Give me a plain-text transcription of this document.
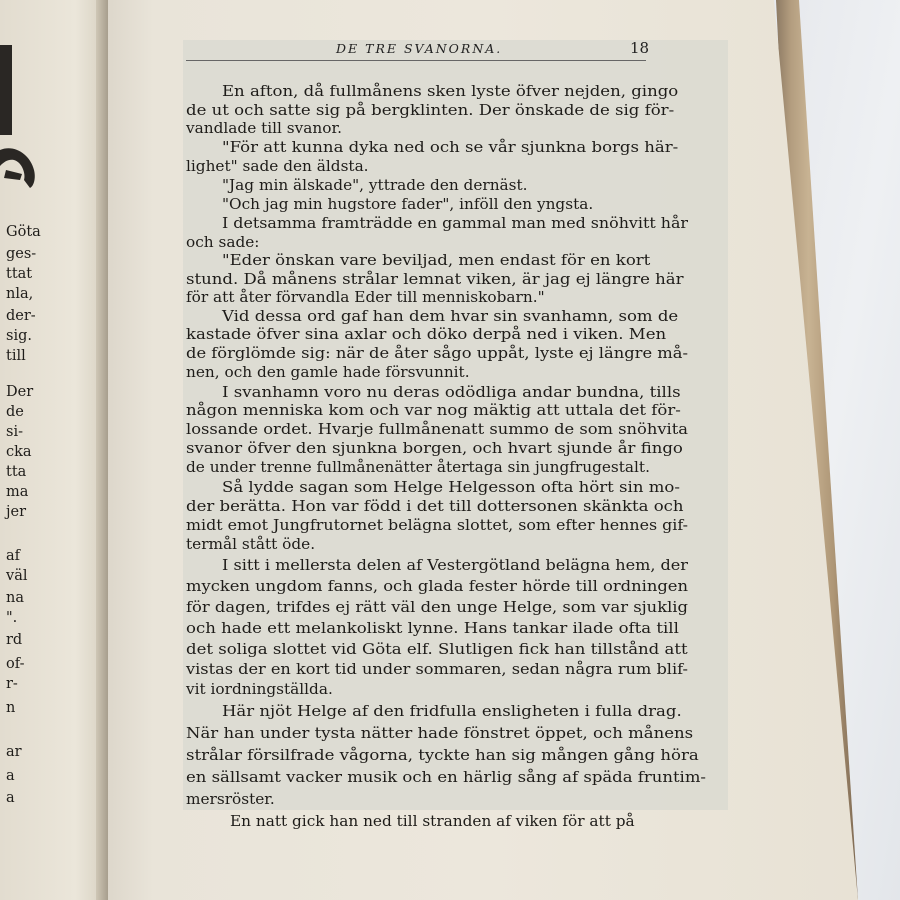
Göta
ges-
ttat
nla,
der-
sig.
till
Der
de
si-
cka
tta
ma
jer
af
väl
na
".
rd
of-
r-
n
ar
a
a
DE TRE SVANORNA.	18
En afton, då fullmånens sken lyste öfver nejden, gingo
de ut och satte sig på bergklinten. Der önskade de sig för-
vandlade till svanor.
"För att kunna dyka ned och se vår sjunkna borgs här-
lighet" sade den äldsta.
"Jag min älskade", yttrade den dernäst.
"Och jag min hugstore fader", inföll den yngsta.
I detsamma framträdde en gammal man med snöhvitt hår
och sade:
"Eder önskan vare beviljad, men endast för en kort
stund. Då månens strålar lemnat viken, är jag ej längre här
för att åter förvandla Eder till menniskobarn."
Vid dessa ord gaf han dem hvar sin svanhamn, som de
kastade öfver sina axlar och döko derpå ned i viken. Men
de förglömde sig: när de åter sågo uppåt, lyste ej längre må-
nen, och den gamle hade försvunnit.
I svanhamn voro nu deras odödliga andar bundna, tills
någon menniska kom och var nog mäktig att uttala det för-
lossande ordet. Hvarje fullmånenatt summo de som snöhvita
svanor öfver den sjunkna borgen, och hvart sjunde år fingo
de under trenne fullmånenätter återtaga sin jungfrugestalt.
Så lydde sagan som Helge Helgesson ofta hört sin mo-
der berätta. Hon var född i det till dottersonen skänkta och
midt emot Jungfrutornet belägna slottet, som efter hennes gif-
termål stått öde.
I sitt i mellersta delen af Vestergötland belägna hem, der
mycken ungdom fanns, och glada fester hörde till ordningen
för dagen, trifdes ej rätt väl den unge Helge, som var sjuklig
och hade ett melankoliskt lynne. Hans tankar ilade ofta till
det soliga slottet vid Göta elf. Slutligen fick han tillstånd att
vistas der en kort tid under sommaren, sedan några rum blif-
vit iordningställda.
Här njöt Helge af den fridfulla ensligheten i fulla drag.
När han under tysta nätter hade fönstret öppet, och månens
strålar försilfrade vågorna, tyckte han sig mången gång höra
en sällsamt vacker musik och en härlig sång af späda fruntim-
mersröster.
En natt gick han ned till stranden af viken för att på
